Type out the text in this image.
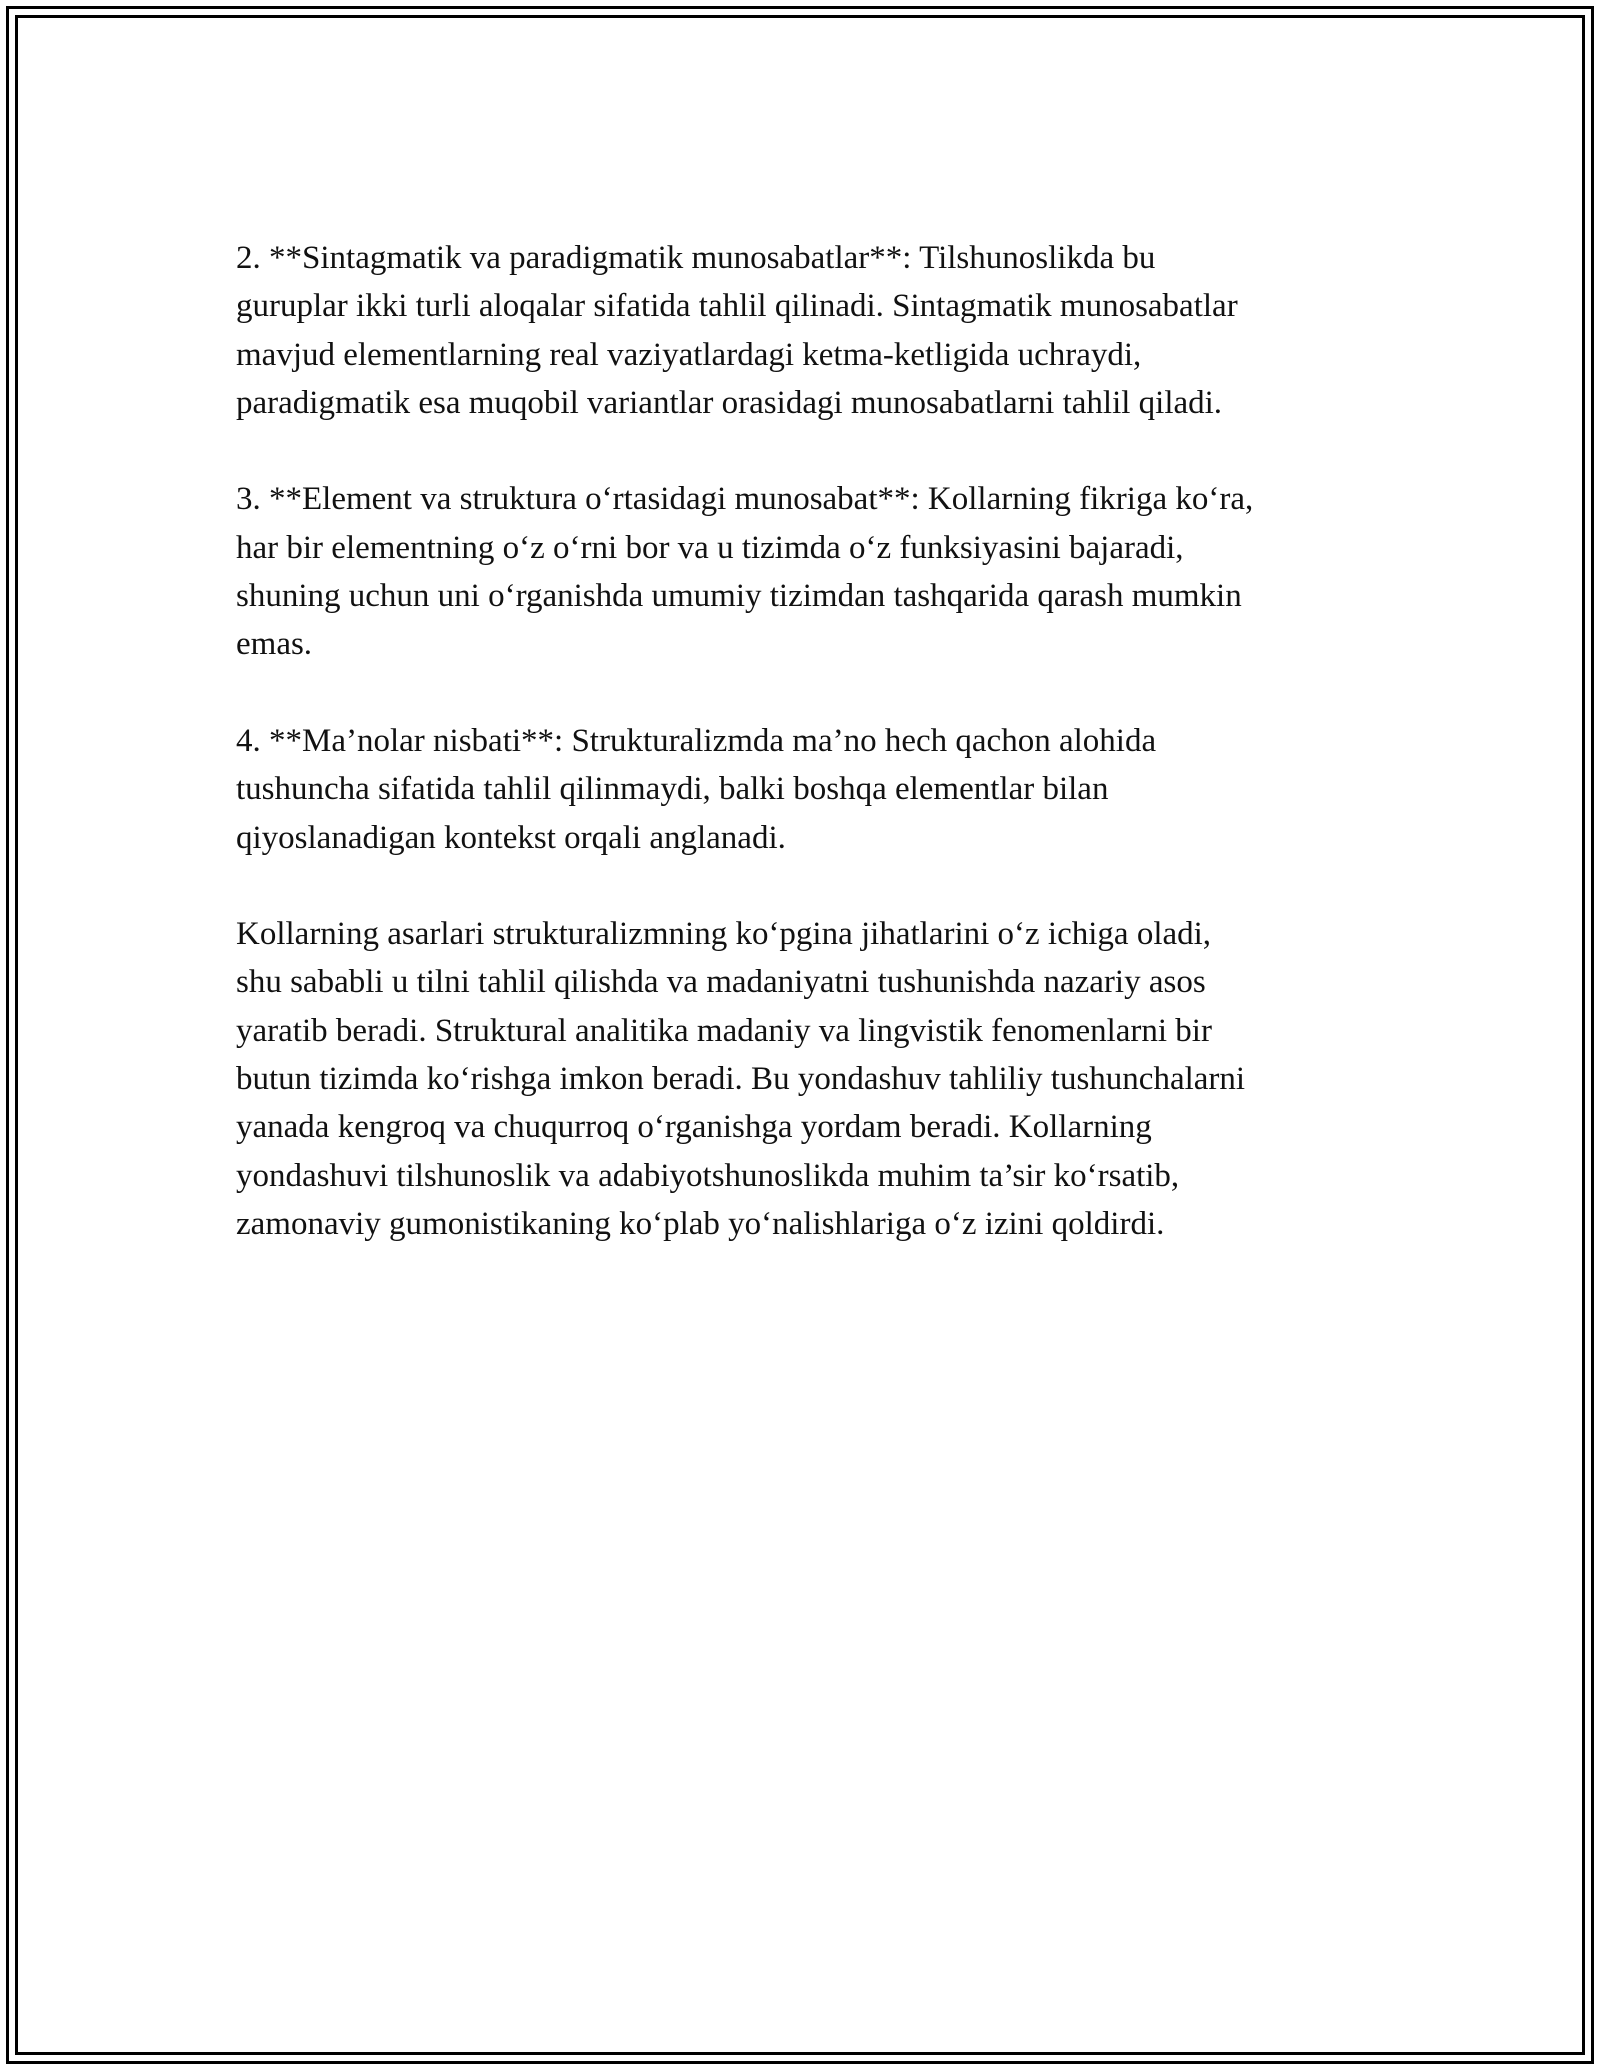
2. **Sintagmatik va paradigmatik munosabatlar**: Tilshunoslikda bu
guruplar ikki turli aloqalar sifatida tahlil qilinadi. Sintagmatik munosabatlar
mavjud elementlarning real vaziyatlardagi ketma-ketligida uchraydi,
paradigmatik esa muqobil variantlar orasidagi munosabatlarni tahlil qiladi.

3. **Element va struktura oʻrtasidagi munosabat**: Kollarning fikriga koʻra,
har bir elementning oʻz oʻrni bor va u tizimda oʻz funksiyasini bajaradi,
shuning uchun uni oʻrganishda umumiy tizimdan tashqarida qarash mumkin
emas.

4. **Ma’nolar nisbati**: Strukturalizmda ma’no hech qachon alohida
tushuncha sifatida tahlil qilinmaydi, balki boshqa elementlar bilan
qiyoslanadigan kontekst orqali anglanadi.

Kollarning asarlari strukturalizmning koʻpgina jihatlarini oʻz ichiga oladi,
shu sababli u tilni tahlil qilishda va madaniyatni tushunishda nazariy asos
yaratib beradi. Struktural analitika madaniy va lingvistik fenomenlarni bir
butun tizimda koʻrishga imkon beradi. Bu yondashuv tahliliy tushunchalarni
yanada kengroq va chuqurroq oʻrganishga yordam beradi. Kollarning
yondashuvi tilshunoslik va adabiyotshunoslikda muhim ta’sir koʻrsatib,
zamonaviy gumonistikaning koʻplab yoʻnalishlariga oʻz izini qoldirdi.
